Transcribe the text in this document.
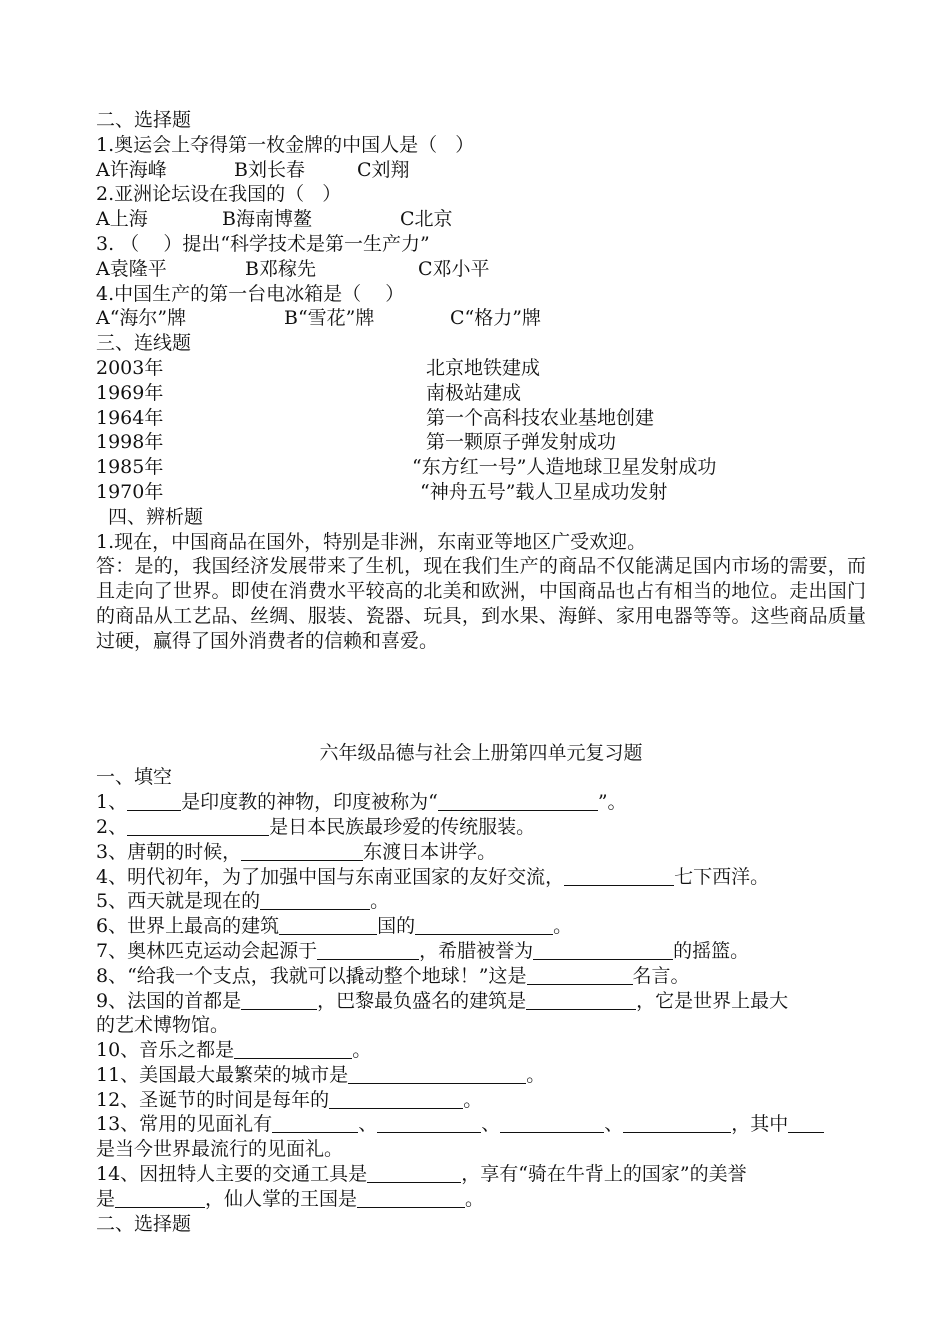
二、选择题
1.奥运会上夺得第一枚金牌的中国人是（   ）
A许海峰	B刘长春	C刘翔
2.亚洲论坛设在我国的（   ）
A上海	B海南博鳌	C北京
3. （    ）提出“科学技术是第一生产力”
A袁隆平	B邓稼先	C邓小平
4.中国生产的第一台电冰箱是（    ）
A“海尔”牌	B“雪花”牌	C“格力”牌
三、连线题
2003年	北京地铁建成
1969年	南极站建成
1964年	第一个高科技农业基地创建
1998年	第一颗原子弹发射成功
1985年	“东方红一号”人造地球卫星发射成功
1970年	“神舟五号”载人卫星成功发射
四、辨析题
1.现在，中国商品在国外，特别是非洲，东南亚等地区广受欢迎。
答：是的，我国经济发展带来了生机，现在我们生产的商品不仅能满足国内市场的需要，而且走向了世界。即使在消费水平较高的北美和欧洲，中国商品也占有相当的地位。走出国门的商品从工艺品、丝绸、服装、瓷器、玩具，到水果、海鲜、家用电器等等。这些商品质量过硬，赢得了国外消费者的信赖和喜爱。
六年级品德与社会上册第四单元复习题
一、填空
1、	是印度教的神物，印度被称为“	”。
2、	是日本民族最珍爱的传统服装。
3、唐朝的时候，	东渡日本讲学。
4、明代初年，为了加强中国与东南亚国家的友好交流，	七下西洋。
5、西天就是现在的	。
6、世界上最高的建筑	国的	。
7、奥林匹克运动会起源于	，希腊被誉为	的摇篮。
8、“给我一个支点，我就可以撬动整个地球！”这是	名言。
9、法国的首都是	，巴黎最负盛名的建筑是	，它是世界上最大
的艺术博物馆。
10、音乐之都是	。
11、美国最大最繁荣的城市是	。
12、圣诞节的时间是每年的	。
13、常用的见面礼有	、	、	、	，其中
是当今世界最流行的见面礼。
14、因扭特人主要的交通工具是	，享有“骑在牛背上的国家”的美誉
是	，仙人掌的王国是	。
二、选择题
